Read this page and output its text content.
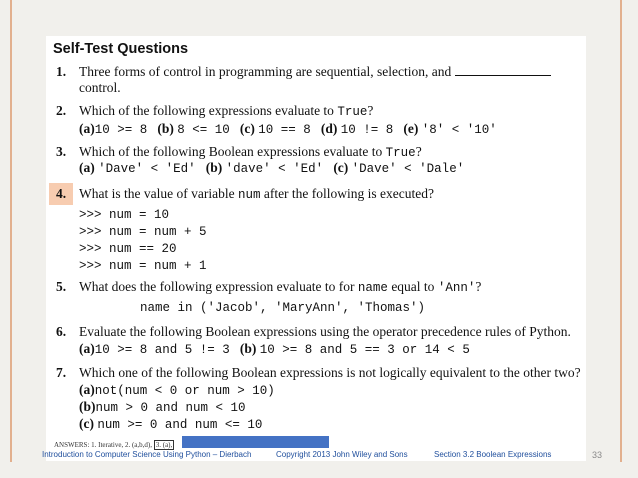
Self-Test Questions
1. Three forms of control in programming are sequential, selection, and
control.
2. Which of the following expressions evaluate to True?
(a)10 >= 8 (b) 8 <= 10 (c) 10 == 8 (d) 10 != 8 (e) '8' < '10'
3. Which of the following Boolean expressions evaluate to True?
(a) 'Dave' < 'Ed' (b) 'dave' < 'Ed' (c) 'Dave' < 'Dale'
4. What is the value of variable num after the following is executed?
>>> num = 10
>>> num = num + 5
>>> num == 20
>>> num = num + 1
5. What does the following expression evaluate to for name equal to 'Ann'?
name in ('Jacob', 'MaryAnn', 'Thomas')
6. Evaluate the following Boolean expressions using the operator precedence rules of Python.
(a)10 >= 8 and 5 != 3 (b) 10 >= 8 and 5 == 3 or 14 < 5
7. Which one of the following Boolean expressions is not logically equivalent to the other two?
(a)not(num < 0 or num > 10)
(b)num > 0 and num < 10
(c) num >= 0 and num <= 10
ANSWERS: 1. Iterative, 2. (a,b,d), 3. (a),
Introduction to Computer Science Using Python – Dierbach	Copyright 2013 John Wiley and Sons	Section 3.2 Boolean Expressions	33
